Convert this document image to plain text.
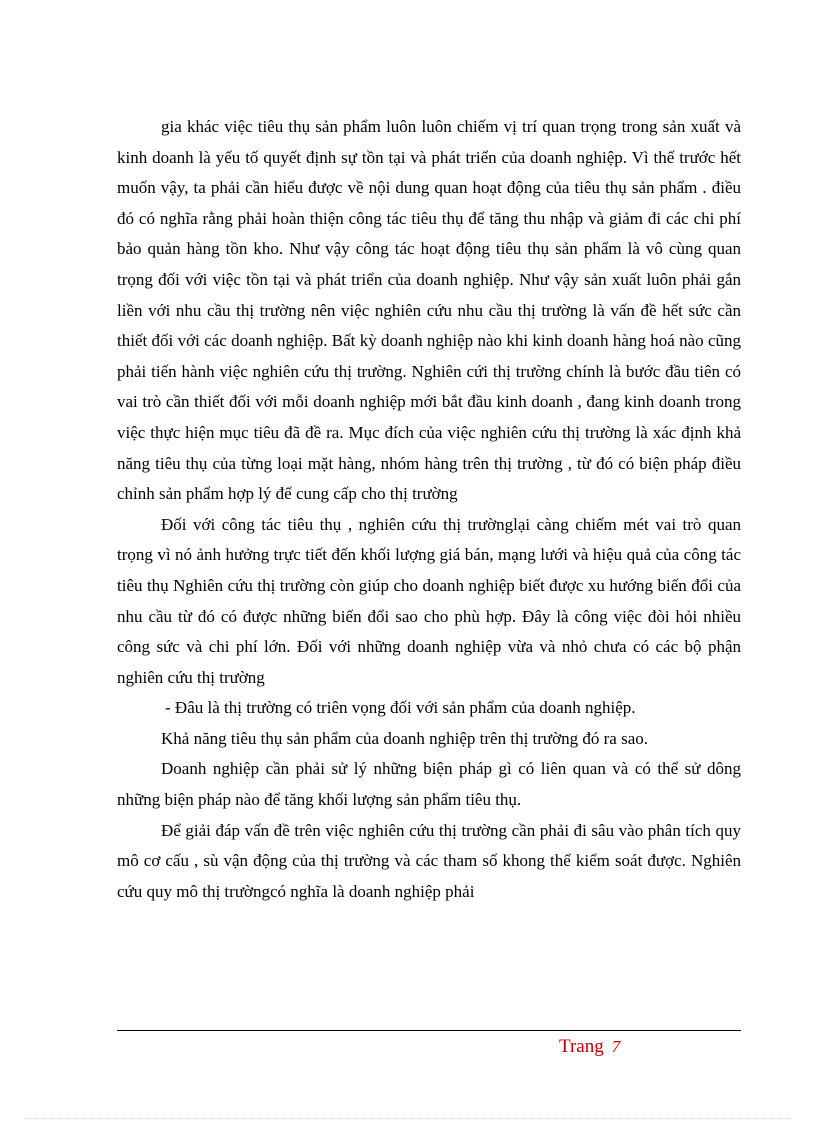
gia khác việc tiêu thụ sản phẩm luôn luôn chiếm vị trí quan trọng trong sản xuất và kinh doanh là yếu tố quyết định sự tồn tại và phát triển của doanh nghiệp. Vì thế trước hết muốn vậy, ta phải cần hiểu được về nội dung quan hoạt động của tiêu thụ sản phẩm . điều đó có nghĩa rằng phải hoàn thiện công tác tiêu thụ để tăng thu nhập và giảm đi các chi phí bảo quản hàng tồn kho. Như vậy công tác hoạt động tiêu thụ sản phẩm là vô cùng quan trọng đối với việc tồn tại và phát triển của doanh nghiệp. Như vậy sản xuất luôn phải gắn liền với nhu cầu thị trường nên việc nghiên cứu nhu cầu thị trường là vấn đề hết sức cần thiết đối với các doanh nghiệp. Bất kỳ doanh nghiệp nào khi kinh doanh hàng hoá nào cũng phải tiến hành việc nghiên cứu thị trường. Nghiên cứi thị trường chính là bước đầu tiên có vai trò cần thiết đối với mỗi doanh nghiệp mới bắt đầu kinh doanh , đang kinh doanh trong việc thực hiện mục tiêu đã đề ra. Mục đích của việc nghiên cứu thị trường là xác định khả năng tiêu thụ của từng loại mặt hàng, nhóm hàng trên thị trường , từ đó có biện pháp điều chỉnh sản phẩm hợp lý để cung cấp cho thị trường

Đối với công tác tiêu thụ , nghiên cứu thị trườnglại càng chiếm mét vai trò quan trọng vì nó ảnh hưởng trực tiết đến khối lượng giá bán, mạng lưới và hiệu quả của công tác tiêu thụ Nghiên cứu thị trường còn giúp cho doanh nghiệp biết được xu hướng biến đổi của nhu cầu từ đó có được những biến đổi sao cho phù hợp. Đây là công việc đòi hỏi nhiều công sức và chi phí lớn. Đối với những doanh nghiệp vừa và nhỏ chưa có các bộ phận nghiên cứu thị trường

- Đâu là thị trường có triên vọng đối với sản phẩm của doanh nghiệp.

Khả năng tiêu thụ sản phẩm của doanh nghiệp trên thị trường đó ra sao.

Doanh nghiệp cần phải sử lý những biện pháp gì có liên quan và có thể sử dông những biện pháp nào để tăng khối lượng sản phẩm tiêu thụ.

Để giải đáp vấn đề trên việc nghiên cứu thị trường cần phải đi sâu vào phân tích quy mô cơ cấu , sù vận động của thị trường và các tham số khong thể kiểm soát được. Nghiên cứu quy mô thị trườngcó nghĩa là doanh nghiệp phải

Trang 7
